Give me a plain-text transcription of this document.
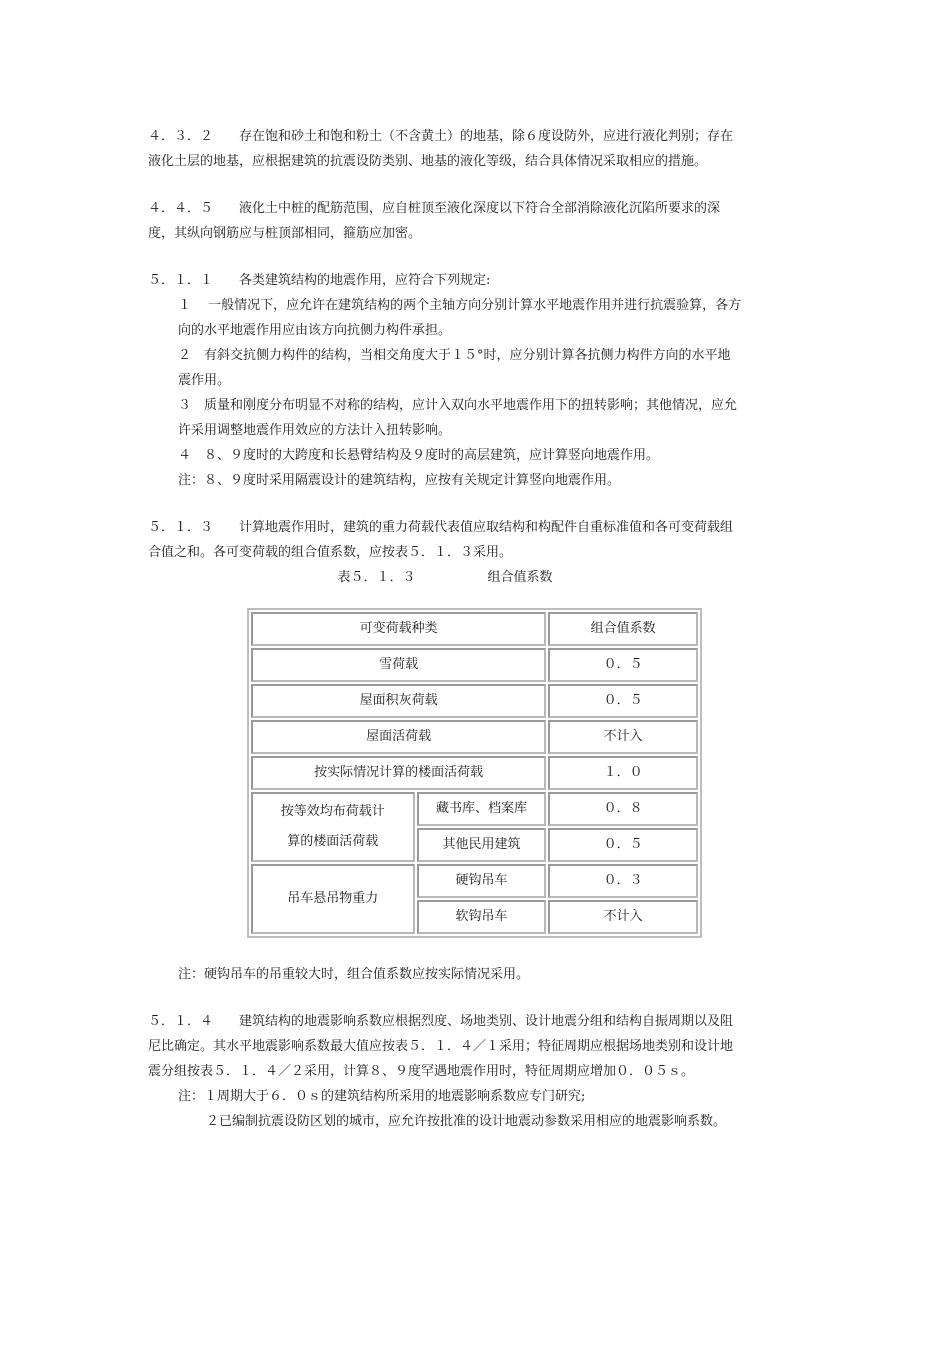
４．３．２　　存在饱和砂土和饱和粉土（不含黄土）的地基，除６度设防外，应进行液化判别；存在液化土层的地基，应根据建筑的抗震设防类别、地基的液化等级，结合具体情况采取相应的措施。

４．４．５　　液化土中桩的配筋范围，应自桩顶至液化深度以下符合全部消除液化沉陷所要求的深度，其纵向钢筋应与桩顶部相同，箍筋应加密。

５．１．１　　各类建筑结构的地震作用，应符合下列规定:

１　 一般情况下，应允许在建筑结构的两个主轴方向分别计算水平地震作用并进行抗震验算，各方向的水平地震作用应由该方向抗侧力构件承担。

２　有斜交抗侧力构件的结构，当相交角度大于１５°时，应分别计算各抗侧力构件方向的水平地震作用。

３　质量和刚度分布明显不对称的结构，应计入双向水平地震作用下的扭转影响；其他情况，应允许采用调整地震作用效应的方法计入扭转影响。

４　８、９度时的大跨度和长悬臂结构及９度时的高层建筑，应计算竖向地震作用。

注：８、９度时采用隔震设计的建筑结构，应按有关规定计算竖向地震作用。

５．１．３　　计算地震作用时，建筑的重力荷载代表值应取结构和构配件自重标准值和各可变荷载组合值之和。各可变荷载的组合值系数，应按表５．１．３采用。

表５．１．３	组合值系数

可变荷载种类		组合值系数
雪荷载		０．５
屋面积灰荷载		０．５
屋面活荷载		不计入
按实际情况计算的楼面活荷载		１．０

按等效均布荷载计
算的楼面活荷载	藏书库、档案库	０．８
	其他民用建筑	０．５
吊车悬吊物重力	硬钩吊车	０．３
	软钩吊车	不计入

注：硬钩吊车的吊重较大时，组合值系数应按实际情况采用。

５．１．４　　建筑结构的地震影响系数应根据烈度、场地类别、设计地震分组和结构自振周期以及阻尼比确定。其水平地震影响系数最大值应按表５．１．４／１采用；特征周期应根据场地类别和设计地震分组按表５．１．４／２采用，计算８、９度罕遇地震作用时，特征周期应增加０．０５ｓ。

注：１周期大于６．０ｓ的建筑结构所采用的地震影响系数应专门研究;

２已编制抗震设防区划的城市，应允许按批准的设计地震动参数采用相应的地震影响系数。
